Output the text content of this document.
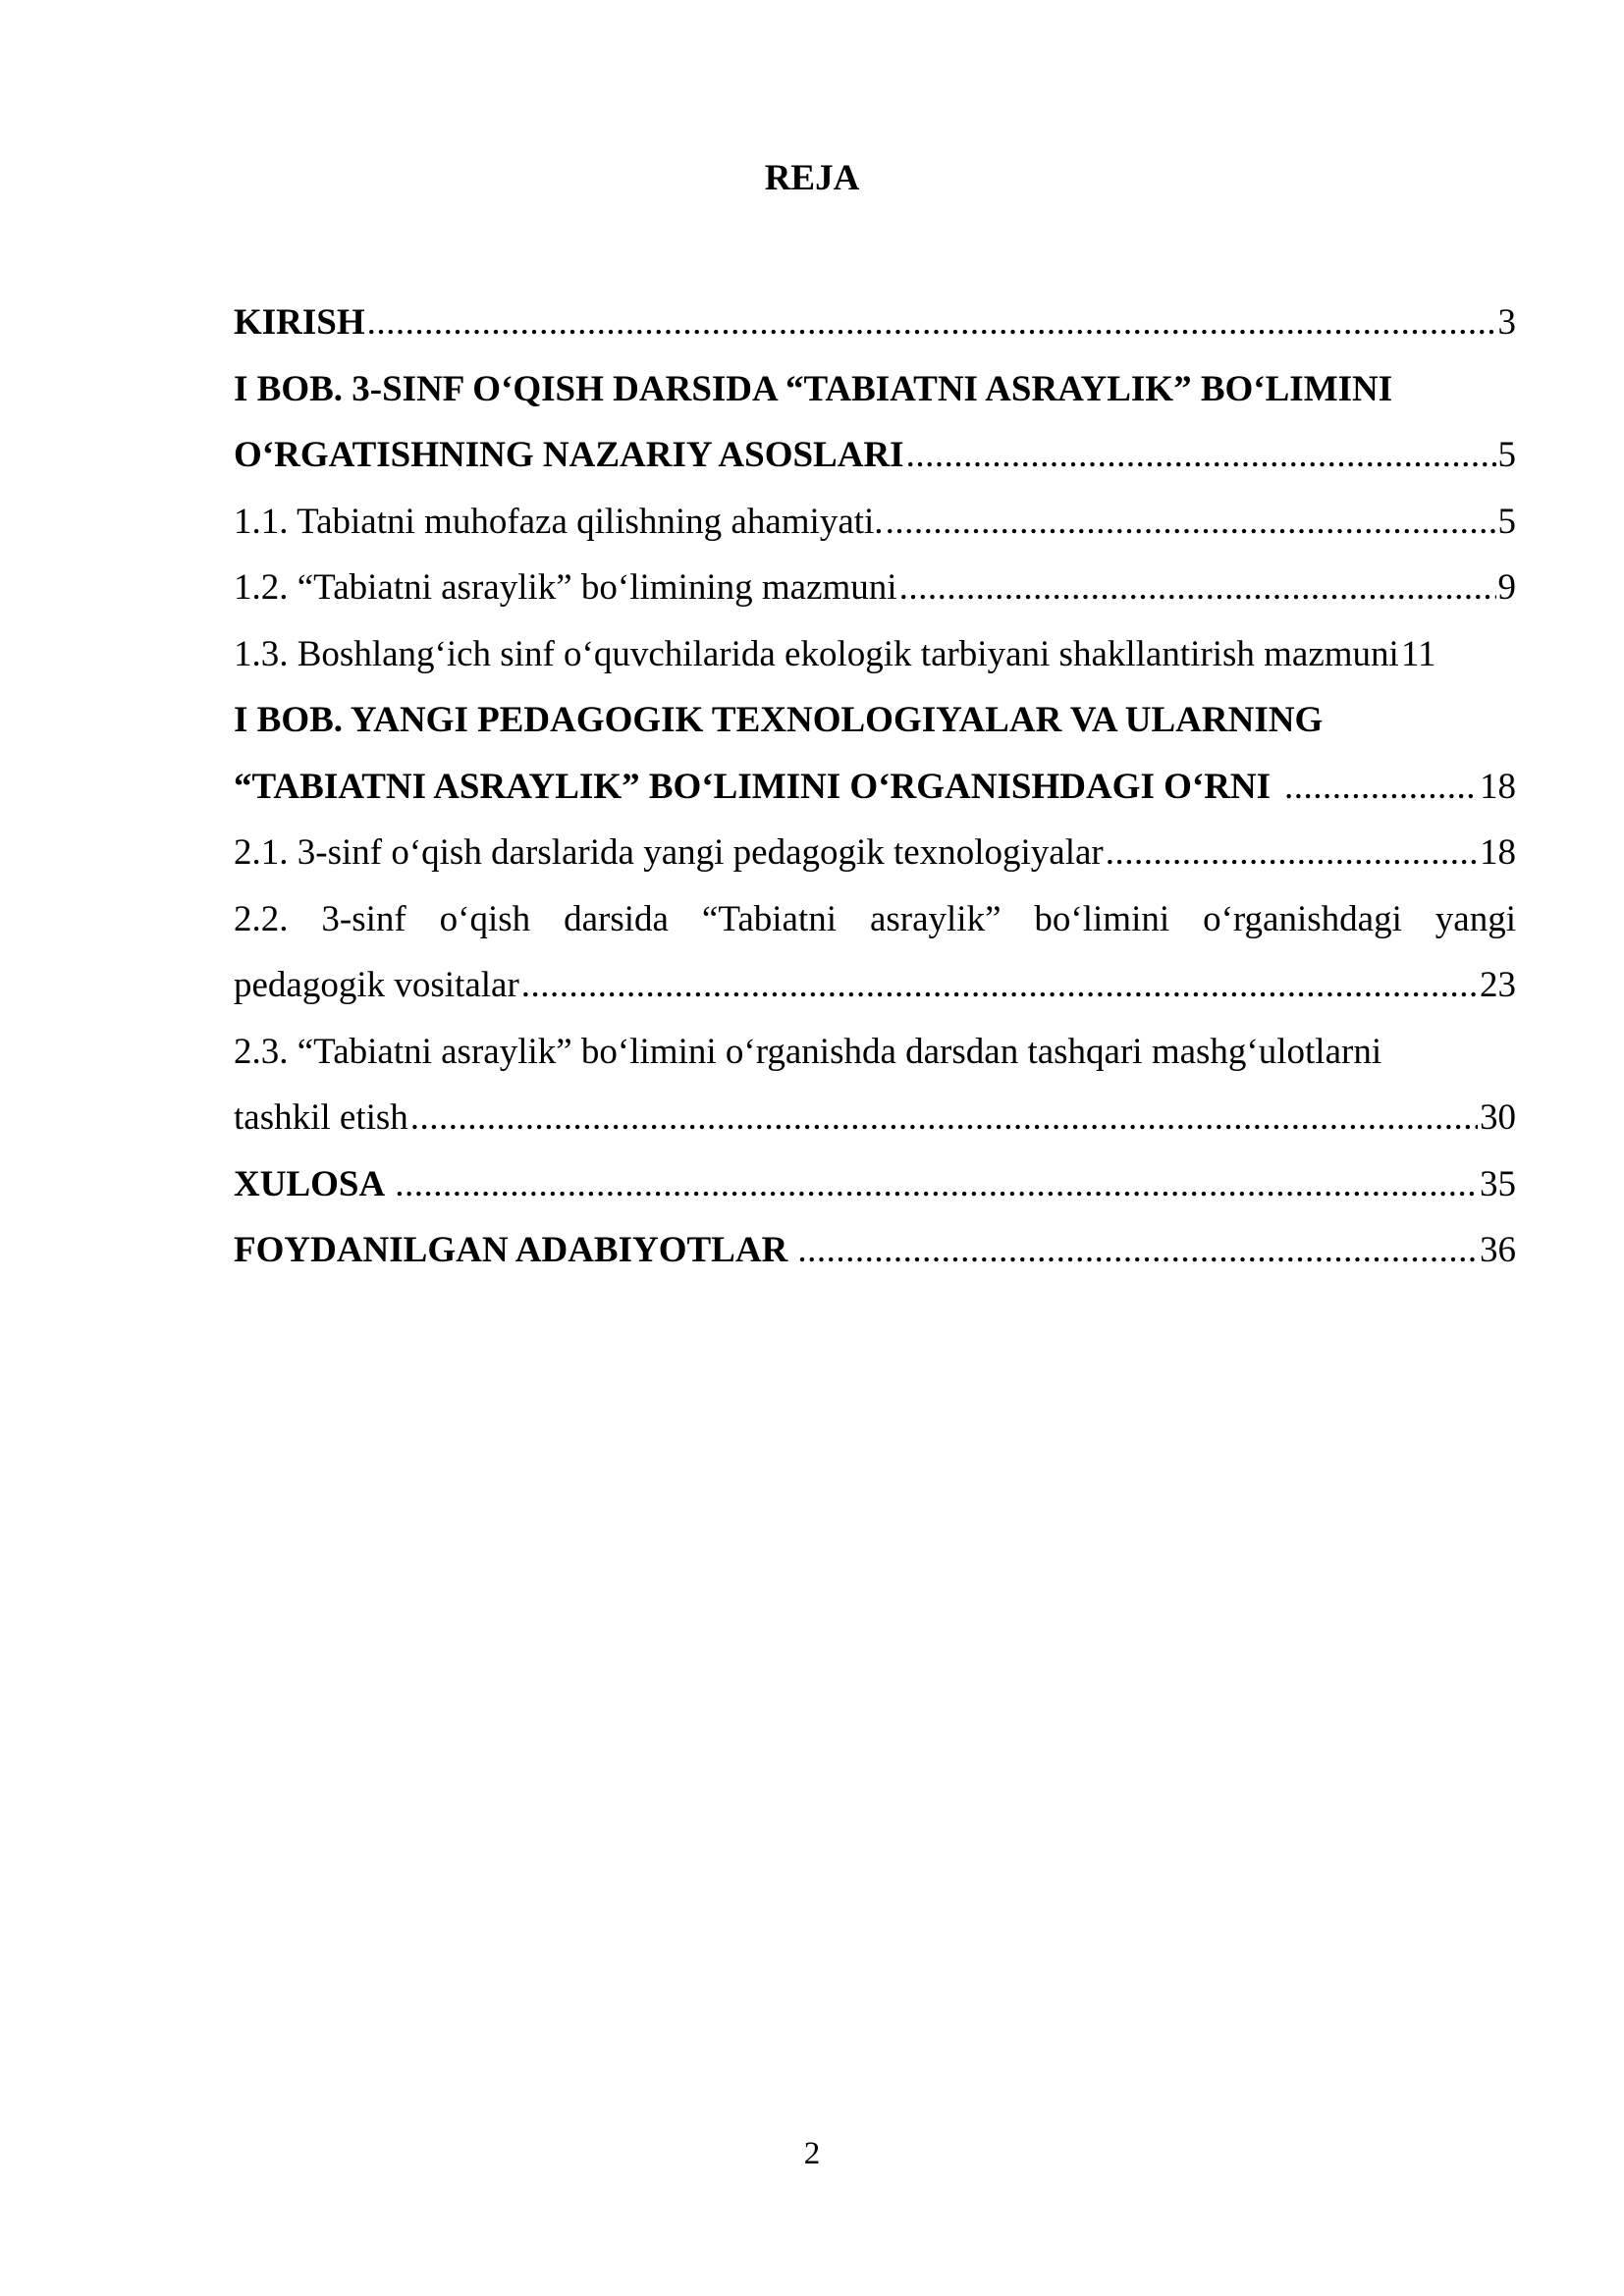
REJA
KIRISH .....	3
I BOB. 3-SINF O‘QISH DARSIDA “TABIATNI ASRAYLIK” BO‘LIMINI
O‘RGATISHNING NAZARIY ASOSLARI .....	5
1.1. Tabiatni muhofaza qilishning ahamiyati. .....	5
1.2. “Tabiatni asraylik” bo‘limining mazmuni .....	9
1.3. Boshlang‘ich sinf o‘quvchilarida ekologik tarbiyani shakllantirish mazmuni 11
I BOB. YANGI PEDAGOGIK TEXNOLOGIYALAR VA ULARNING
“TABIATNI ASRAYLIK” BO‘LIMINI O‘RGANISHDAGI O‘RNI .....	18
2.1. 3-sinf o‘qish darslarida yangi pedagogik texnologiyalar .....	18
2.2. 3-sinf o‘qish darsida “Tabiatni asraylik” bo‘limini o‘rganishdagi yangi
pedagogik vositalar .....	23
2.3. “Tabiatni asraylik” bo‘limini o‘rganishda darsdan tashqari mashg‘ulotlarni
tashkil etish .....	30
XULOSA .....	35
FOYDANILGAN ADABIYOTLAR .....	36
2
